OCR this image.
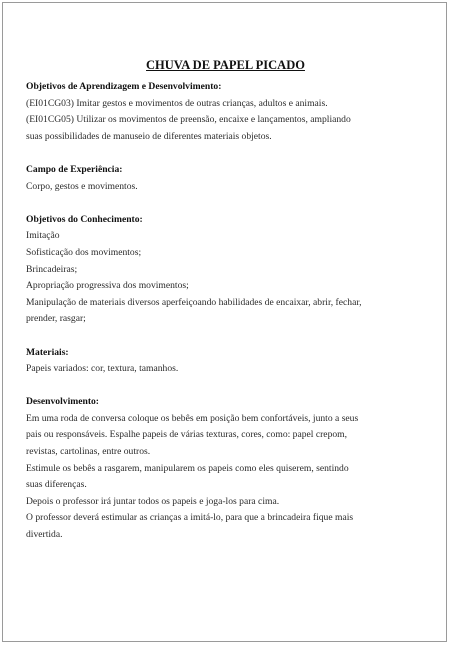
CHUVA DE PAPEL PICADO

Objetivos de Aprendizagem e Desenvolvimento:

(EI01CG03) Imitar gestos e movimentos de outras crianças, adultos e animais.

(EI01CG05) Utilizar os movimentos de preensão, encaixe e lançamentos, ampliando

suas possibilidades de manuseio de diferentes materiais objetos.

Campo de Experiência:

Corpo, gestos e movimentos.

Objetivos do Conhecimento:

Imitação

Sofisticação dos movimentos;

Brincadeiras;

Apropriação progressiva dos movimentos;

Manipulação de materiais diversos aperfeiçoando habilidades de encaixar, abrir, fechar,

prender, rasgar;

Materiais:

Papeis variados: cor, textura, tamanhos.

Desenvolvimento:

Em uma roda de conversa coloque os bebês em posição bem confortáveis, junto a seus

pais ou responsáveis. Espalhe papeis de várias texturas, cores, como: papel crepom,

revistas, cartolinas, entre outros.

Estimule os bebês a rasgarem, manipularem os papeis como eles quiserem, sentindo

suas diferenças.

Depois o professor irá juntar todos os papeis e joga-los para cima.

O professor deverá estimular as crianças a imitá-lo, para que a brincadeira fique mais

divertida.
